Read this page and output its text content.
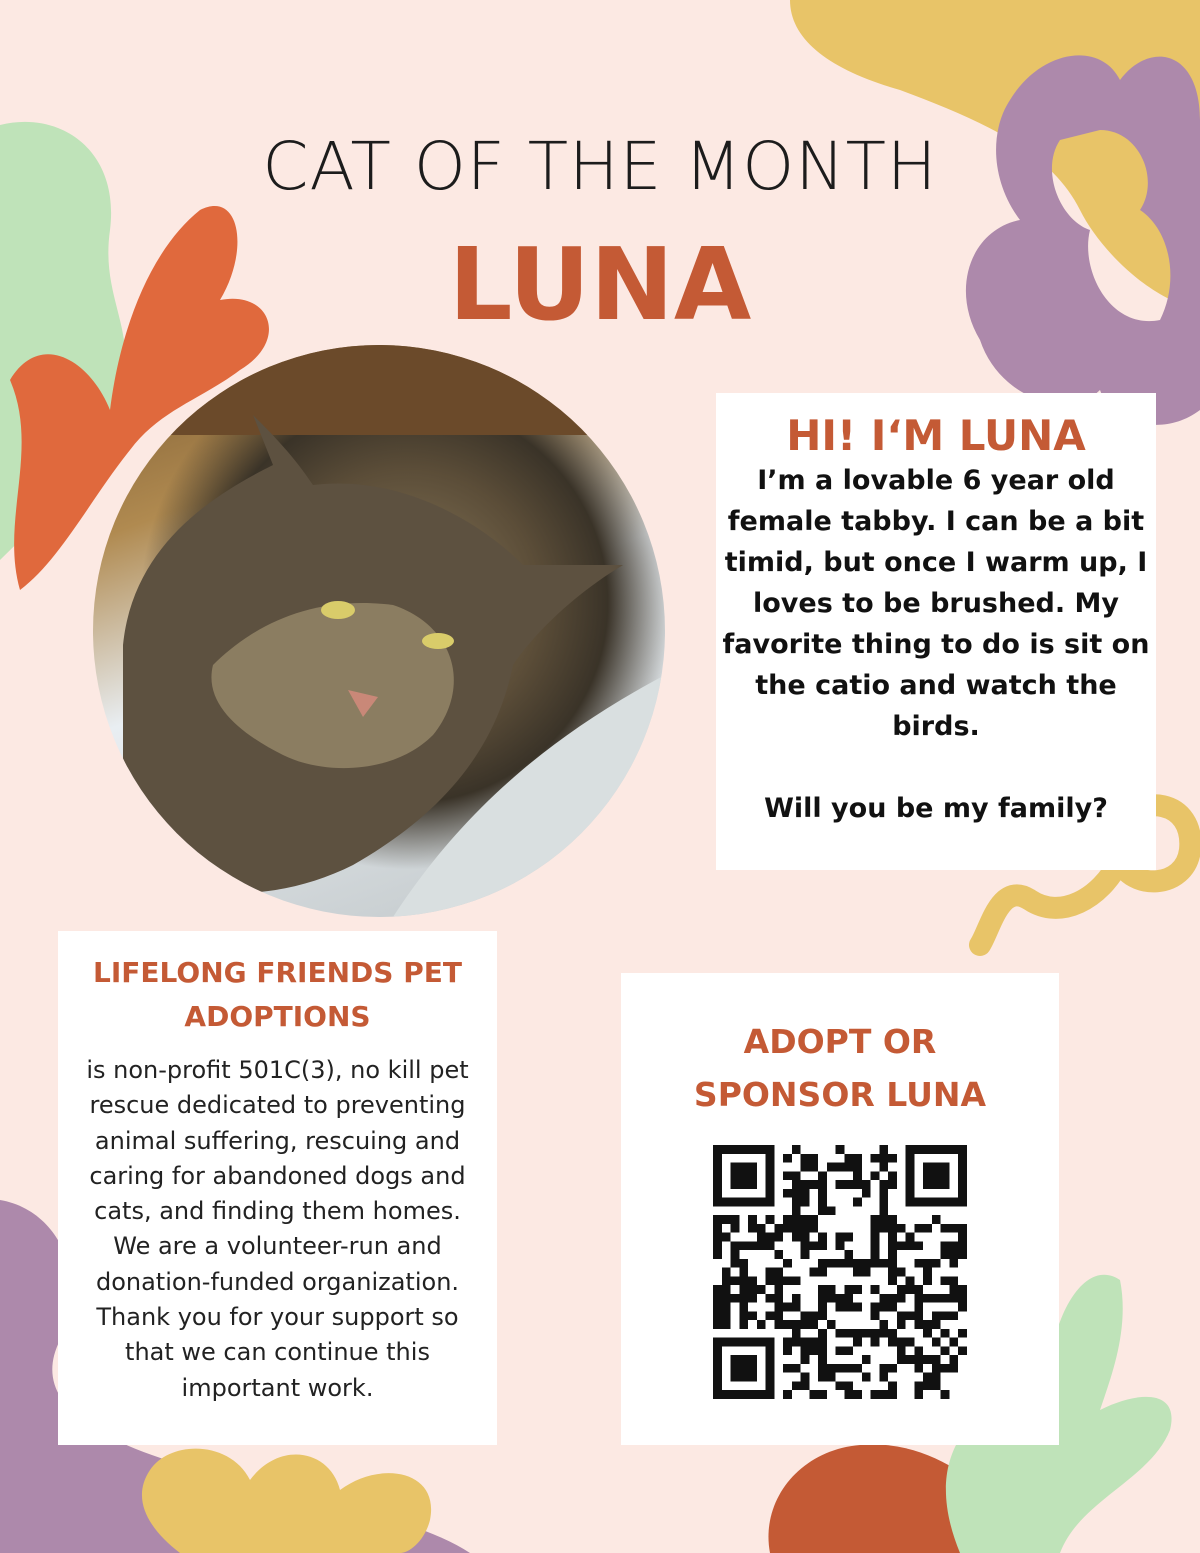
CAT OF THE MONTH
LUNA
HI! I‘M LUNA
I’m a lovable 6 year old
female tabby. I can be a bit
timid, but once I warm up, I
loves to be brushed. My
favorite thing to do is sit on
the catio and watch the
birds.
Will you be my family?
LIFELONG FRIENDS PET
ADOPTIONS
is non-profit 501C(3), no kill pet
rescue dedicated to preventing
animal suffering, rescuing and
caring for abandoned dogs and
cats, and finding them homes.
We are a volunteer-run and
donation-funded organization.
Thank you for your support so
that we can continue this
important work.
ADOPT OR
SPONSOR LUNA
